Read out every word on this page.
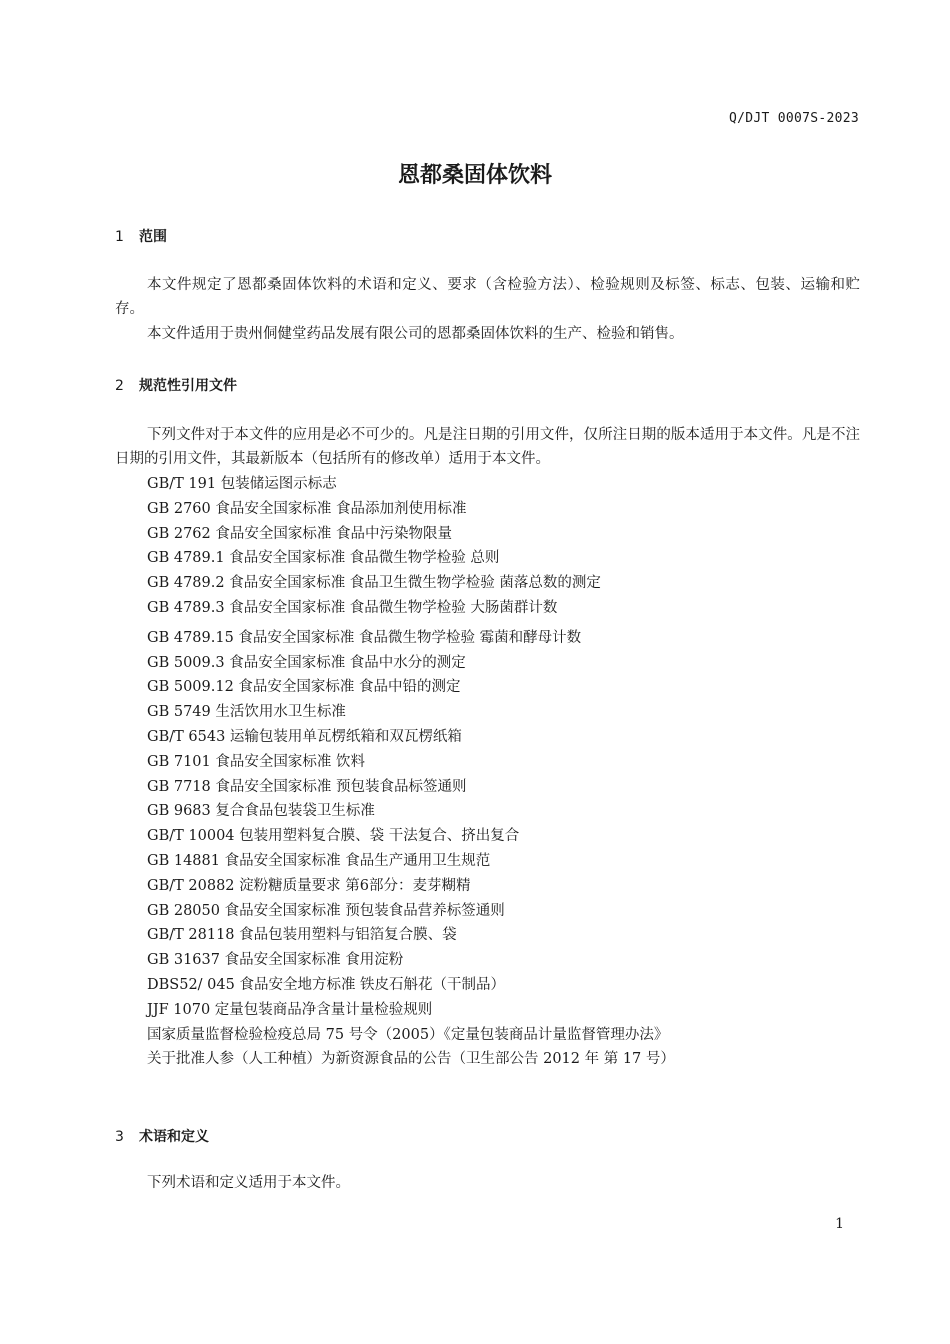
Q/DJT 0007S-2023
恩都桑固体饮料
1 范围
本文件规定了恩都桑固体饮料的术语和定义、要求（含检验方法）、检验规则及标签、标志、包装、运输和贮存。
本文件适用于贵州侗健堂药品发展有限公司的恩都桑固体饮料的生产、检验和销售。
2 规范性引用文件
下列文件对于本文件的应用是必不可少的。凡是注日期的引用文件，仅所注日期的版本适用于本文件。凡是不注日期的引用文件，其最新版本（包括所有的修改单）适用于本文件。
GB/T 191 包装储运图示标志
GB 2760 食品安全国家标准 食品添加剂使用标准
GB 2762 食品安全国家标准 食品中污染物限量
GB 4789.1 食品安全国家标准 食品微生物学检验 总则
GB 4789.2 食品安全国家标准 食品卫生微生物学检验 菌落总数的测定
GB 4789.3 食品安全国家标准 食品微生物学检验 大肠菌群计数
GB 4789.15 食品安全国家标准 食品微生物学检验 霉菌和酵母计数
GB 5009.3 食品安全国家标准 食品中水分的测定
GB 5009.12 食品安全国家标准 食品中铅的测定
GB 5749 生活饮用水卫生标准
GB/T 6543 运输包装用单瓦楞纸箱和双瓦楞纸箱
GB 7101 食品安全国家标准 饮料
GB 7718 食品安全国家标准 预包装食品标签通则
GB 9683 复合食品包装袋卫生标准
GB/T 10004 包装用塑料复合膜、袋 干法复合、挤出复合
GB 14881 食品安全国家标准 食品生产通用卫生规范
GB/T 20882 淀粉糖质量要求 第6部分：麦芽糊精
GB 28050 食品安全国家标准 预包装食品营养标签通则
GB/T 28118 食品包装用塑料与铝箔复合膜、袋
GB 31637 食品安全国家标准 食用淀粉
DBS52/ 045 食品安全地方标准 铁皮石斛花（干制品）
JJF 1070 定量包装商品净含量计量检验规则
国家质量监督检验检疫总局 75 号令（2005）《定量包装商品计量监督管理办法》
关于批准人参（人工种植）为新资源食品的公告（卫生部公告 2012 年 第 17 号）
3 术语和定义
下列术语和定义适用于本文件。
1
